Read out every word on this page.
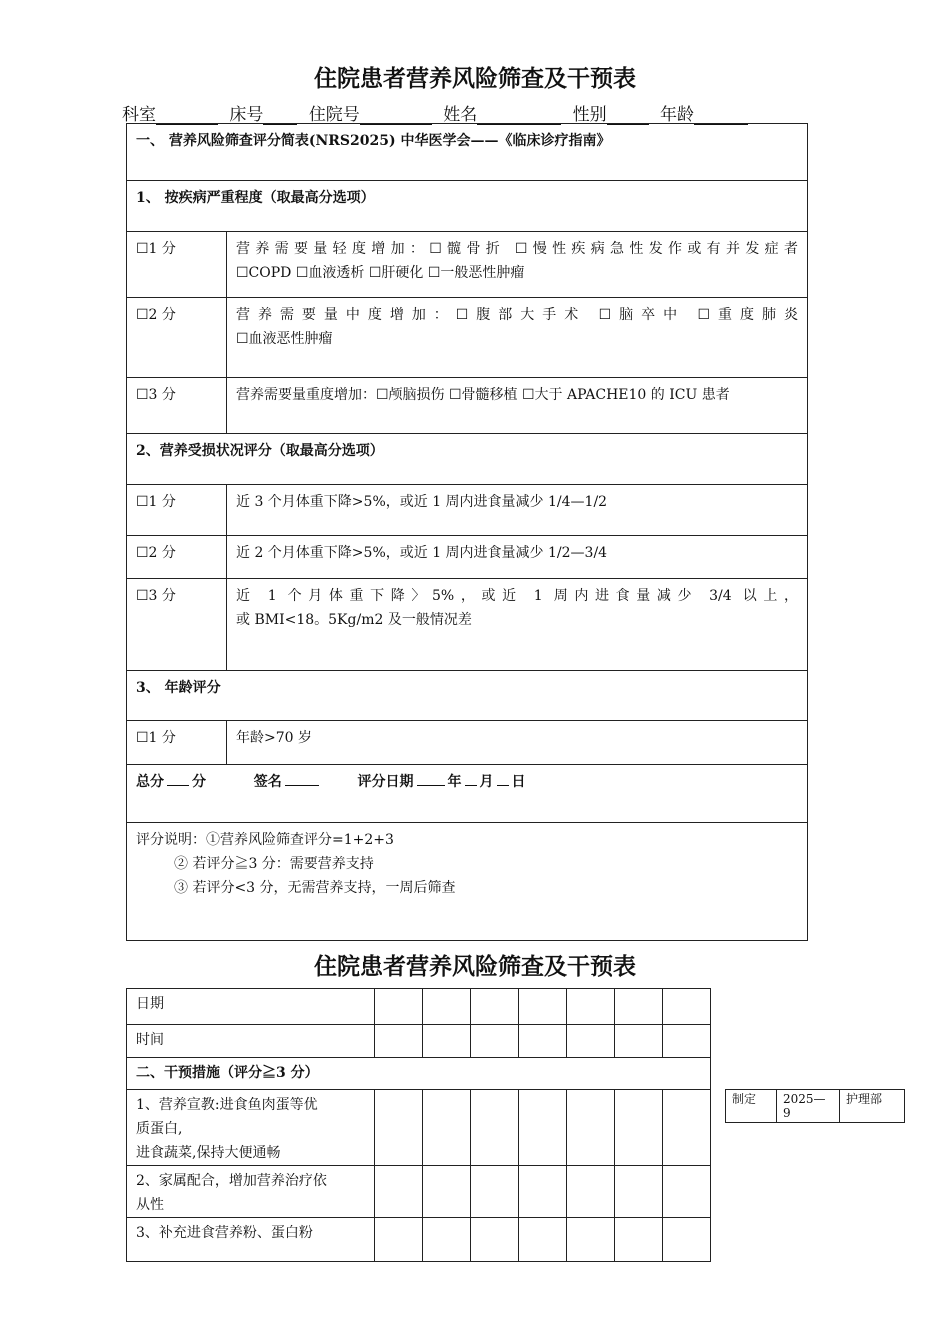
住院患者营养风险筛查及干预表
科室	床号	住院号	姓名	性别	年龄
一、 营养风险筛查评分简表(NRS2025) 中华医学会——《临床诊疗指南》	
1、 按疾病严重程度（取最高分选项）	
☐1 分	营养需要量轻度增加：☐髋骨折 ☐慢性疾病急性发作或有并发症者
☐COPD ☐血液透析 ☐肝硬化 ☐一般恶性肿瘤

☐2 分	营养需要量中度增加：☐腹部大手术 ☐脑卒中 ☐重度肺炎
☐血液恶性肿瘤

☐3 分	营养需要量重度增加：☐颅脑损伤 ☐骨髓移植 ☐大于 APACHE10 的 ICU 患者

2、营养受损状况评分（取最高分选项）	
☐1 分	近 3 个月体重下降>5%，或近 1 周内进食量减少 1/4—1/2
☐2 分	近 2 个月体重下降>5%，或近 1 周内进食量减少 1/2—3/4
☐3 分	近 1 个月体重下降〉5%，或近 1 周内进食量减少 3/4 以上，
或 BMI<18。5Kg/m2 及一般情况差

3、 年龄评分	
☐1 分	年龄>70 岁
总分 分 签名 评分日期 年 月 日	

评分说明：①营养风险筛查评分=1+2+3
② 若评分≧3 分：需要营养支持
③ 若评分<3 分，无需营养支持，一周后筛查	
住院患者营养风险筛查及干预表
日期							
时间							
二、干预措施（评分≧3 分）							

1、营养宣教:进食鱼肉蛋等优
质蛋白,
进食蔬菜,保持大便通畅							

2、家属配合，增加营养治疗依
从性							

3、补充进食营养粉、蛋白粉							

制定	2025—9	护理部
